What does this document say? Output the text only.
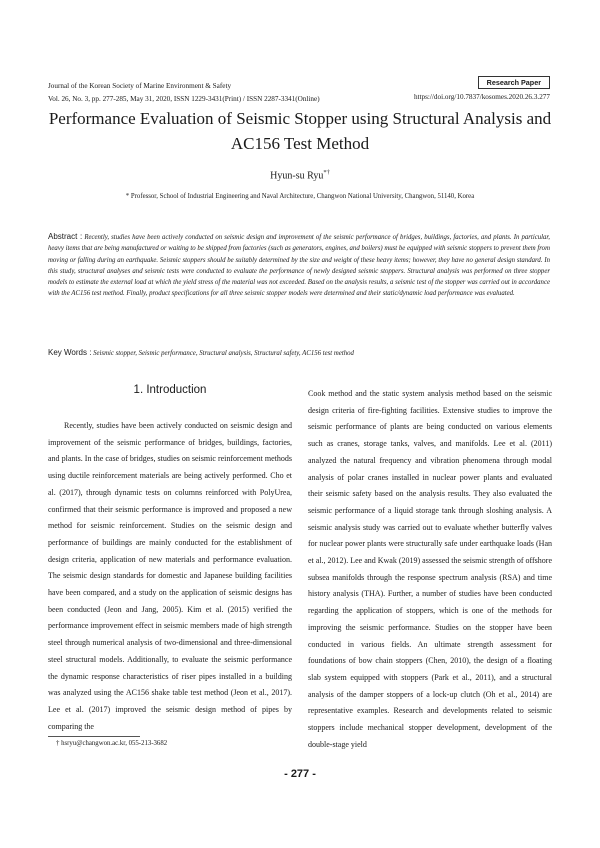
Journal of the Korean Society of Marine Environment & Safety
Vol. 26, No. 3, pp. 277-285, May 31, 2020, ISSN 1229-3431(Print) / ISSN 2287-3341(Online)
Research Paper
https://doi.org/10.7837/kosomes.2020.26.3.277
Performance Evaluation of Seismic Stopper using Structural Analysis and
AC156 Test Method
Hyun-su Ryu*†
* Professor, School of Industrial Engineering and Naval Architecture, Changwon National University, Changwon, 51140, Korea
Abstract : Recently, studies have been actively conducted on seismic design and improvement of the seismic performance of bridges, buildings, factories, and plants. In particular, heavy items that are being manufactured or waiting to be shipped from factories (such as generators, engines, and boilers) must be equipped with seismic stoppers to prevent them from moving or falling during an earthquake. Seismic stoppers should be suitably determined by the size and weight of these heavy items; however, they have no general design standard. In this study, structural analyses and seismic tests were conducted to evaluate the performance of newly designed seismic stoppers. Structural analysis was performed on three stopper models to estimate the external load at which the yield stress of the material was not exceeded. Based on the analysis results, a seismic test of the stopper was carried out in accordance with the AC156 test method. Finally, product specifications for all three seismic stopper models were determined and their static/dynamic load performance was evaluated.
Key Words : Seismic stopper, Seismic performance, Structural analysis, Structural safety, AC156 test method
1. Introduction

Recently, studies have been actively conducted on seismic design and improvement of the seismic performance of bridges, buildings, factories, and plants. In the case of bridges, studies on seismic reinforcement methods using ductile reinforcement materials are being actively performed. Cho et al. (2017), through dynamic tests on columns reinforced with PolyUrea, confirmed that their seismic performance is improved and proposed a new method for seismic reinforcement. Studies on the seismic design and performance of buildings are mainly conducted for the establishment of design criteria, application of new materials and performance evaluation. The seismic design standards for domestic and Japanese building facilities have been compared, and a study on the application of seismic designs has been conducted (Jeon and Jang, 2005). Kim et al. (2015) verified the performance improvement effect in seismic members made of high strength steel through numerical analysis of two-dimensional and three-dimensional steel structural models. Additionally, to evaluate the seismic performance the dynamic response characteristics of riser pipes installed in a building was analyzed using the AC156 shake table test method (Jeon et al., 2017). Lee et al. (2017) improved the seismic design method of pipes by comparing the

Cook method and the static system analysis method based on the seismic design criteria of fire-fighting facilities. Extensive studies to improve the seismic performance of plants are being conducted on various elements such as cranes, storage tanks, valves, and manifolds. Lee et al. (2011) analyzed the natural frequency and vibration phenomena through modal analysis of polar cranes installed in nuclear power plants and evaluated their seismic safety based on the analysis results. They also evaluated the seismic performance of a liquid storage tank through sloshing analysis. A seismic analysis study was carried out to evaluate whether butterfly valves for nuclear power plants were structurally safe under earthquake loads (Han et al., 2012). Lee and Kwak (2019) assessed the seismic strength of offshore subsea manifolds through the response spectrum analysis (RSA) and time history analysis (THA). Further, a number of studies have been conducted regarding the application of stoppers, which is one of the methods for improving the seismic performance. Studies on the stopper have been conducted in various fields. An ultimate strength assessment for foundations of bow chain stoppers (Chen, 2010), the design of a floating slab system equipped with stoppers (Park et al., 2011), and a structural analysis of the damper stoppers of a lock-up clutch (Oh et al., 2014) are representative examples. Research and developments related to seismic stoppers include mechanical stopper development, development of the double-stage yield

† hsryu@changwon.ac.kr, 055-213-3682
- 277 -
